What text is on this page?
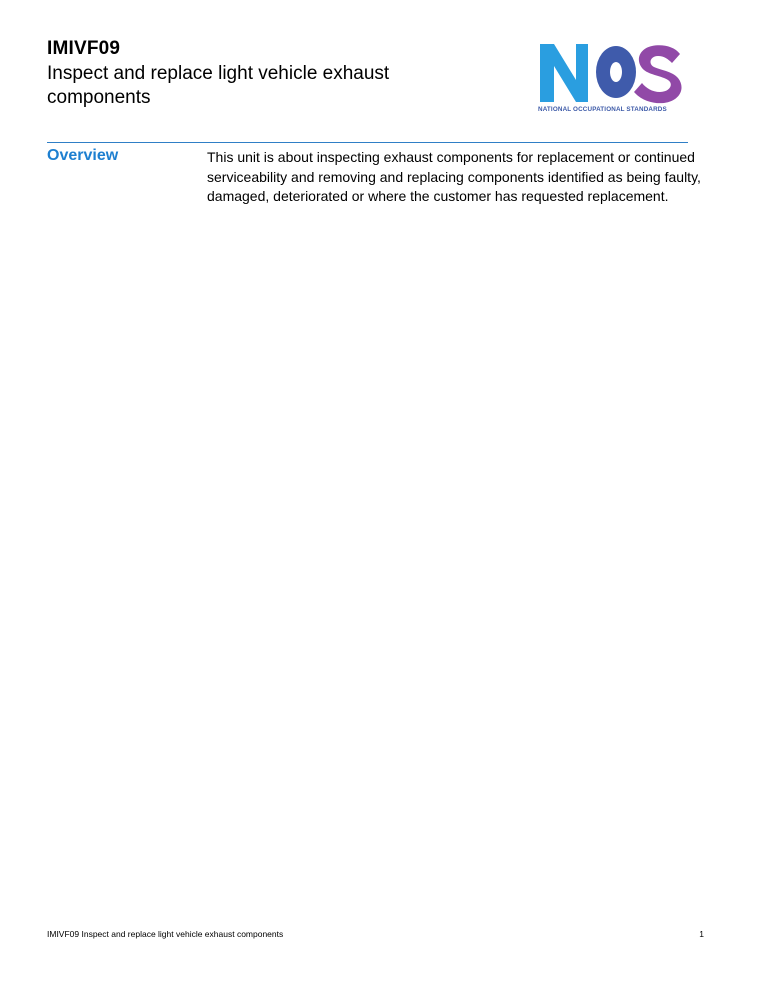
IMIVF09
Inspect and replace light vehicle exhaust components
NATIONAL OCCUPATIONAL STANDARDS
Overview	This unit is about inspecting exhaust components for replacement or continued serviceability and removing and replacing components identified as being faulty, damaged, deteriorated or where the customer has requested replacement.

IMIVF09 Inspect and replace light vehicle exhaust components	1
